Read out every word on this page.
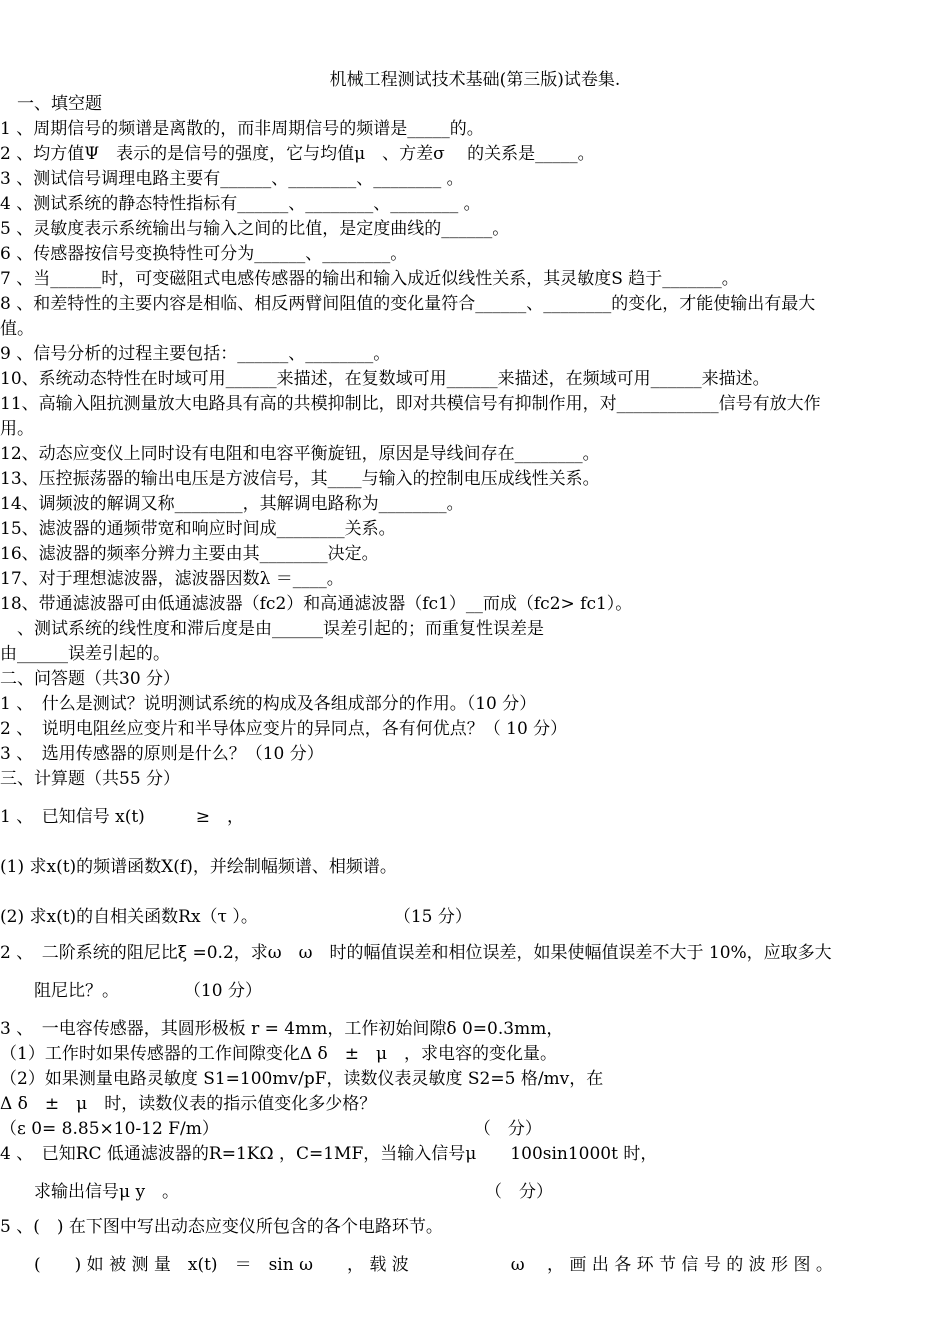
机械工程测试技术基础(第三版)试卷集.
　一、填空题
1 、周期信号的频谱是离散的，而非周期信号的频谱是_____的。
2 、均方值Ψ　表示的是信号的强度，它与均值μ　、方差σ　 的关系是_____。
3 、测试信号调理电路主要有______、________、________ 。
4 、测试系统的静态特性指标有______、________、________ 。
5 、灵敏度表示系统输出与输入之间的比值，是定度曲线的______。
6 、传感器按信号变换特性可分为______、________。
7 、当______时，可变磁阻式电感传感器的输出和输入成近似线性关系，其灵敏度S 趋于_______。
8 、和差特性的主要内容是相临、相反两臂间阻值的变化量符合______、________的变化，才能使输出有最大
值。
9 、信号分析的过程主要包括：______、________。
10、系统动态特性在时域可用______来描述，在复数域可用______来描述，在频域可用______来描述。
11、高输入阻抗测量放大电路具有高的共模抑制比，即对共模信号有抑制作用，对____________信号有放大作
用。
12、动态应变仪上同时设有电阻和电容平衡旋钮，原因是导线间存在________。
13、压控振荡器的输出电压是方波信号，其____与输入的控制电压成线性关系。
14、调频波的解调又称________，其解调电路称为________。
15、滤波器的通频带宽和响应时间成________关系。
16、滤波器的频率分辨力主要由其________决定。
17、对于理想滤波器，滤波器因数λ ＝____。
18、带通滤波器可由低通滤波器（fc2）和高通滤波器（fc1）__而成（fc2> fc1）。
　、测试系统的线性度和滞后度是由______误差引起的；而重复性误差是
由______误差引起的。
二、问答题（共30 分）
1 、　什么是测试？说明测试系统的构成及各组成部分的作用。（10 分）
2 、　说明电阻丝应变片和半导体应变片的异同点，各有何优点？（ 10 分）
3 、　选用传感器的原则是什么？（10 分）
三、计算题（共55 分）
1 、　已知信号 x(t)　　　≥　，
(1) 求x(t)的频谱函数X(f)，并绘制幅频谱、相频谱。
(2) 求x(t)的自相关函数Rx（τ ）。　　　　　　　　　（15 分）
2 、　二阶系统的阻尼比ξ =0.2，求ω　ω　时的幅值误差和相位误差，如果使幅值误差不大于 10%，应取多大
　　阻尼比？。　　　　 （10 分）
3 、　一电容传感器，其圆形极板 r = 4mm，工作初始间隙δ 0=0.3mm，
（1）工作时如果传感器的工作间隙变化Δ δ　±　μ　，求电容的变化量。
（2）如果测量电路灵敏度 S1=100mv/pF，读数仪表灵敏度 S2=5 格/mv，在
Δ δ　±　μ　时，读数仪表的指示值变化多少格？
（ε 0= 8.85×10-12 F/m）　　　　　　　　　　　　　　　　（　分）
4 、　已知RC 低通滤波器的R=1KΩ ，C=1MF，当输入信号μ　　100sin1000t 时，
　　求输出信号μ y　。　　　　　　　　　　　　　　　　　　　（　分）
5 、(　) 在下图中写出动态应变仪所包含的各个电路环节。
　　(　　) 如 被 测 量　x(t)　＝　sin ω　　， 载 波　　　　　　ω　 ， 画 出 各 环 节 信 号 的 波 形 图 。
